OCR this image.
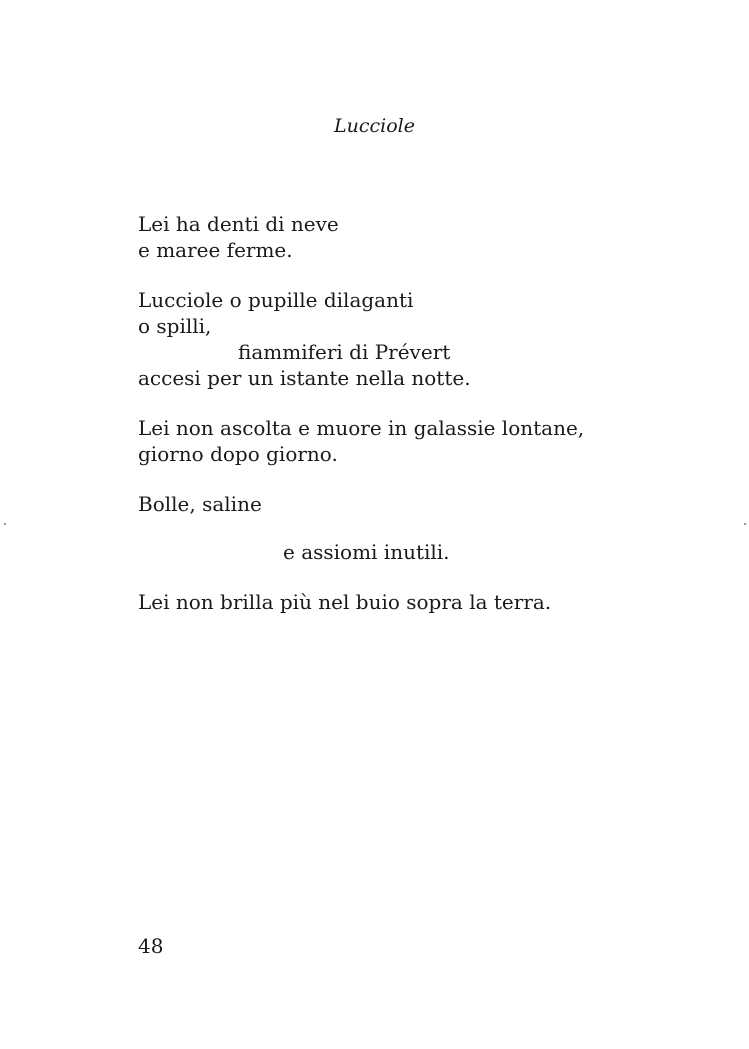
Lucciole
Lei ha denti di neve
e maree ferme.
Lucciole o pupille dilaganti
o spilli,
fiammiferi di Prévert
accesi per un istante nella notte.
Lei non ascolta e muore in galassie lontane,
giorno dopo giorno.
Bolle, saline
e assiomi inutili.
Lei non brilla più nel buio sopra la terra.
48
